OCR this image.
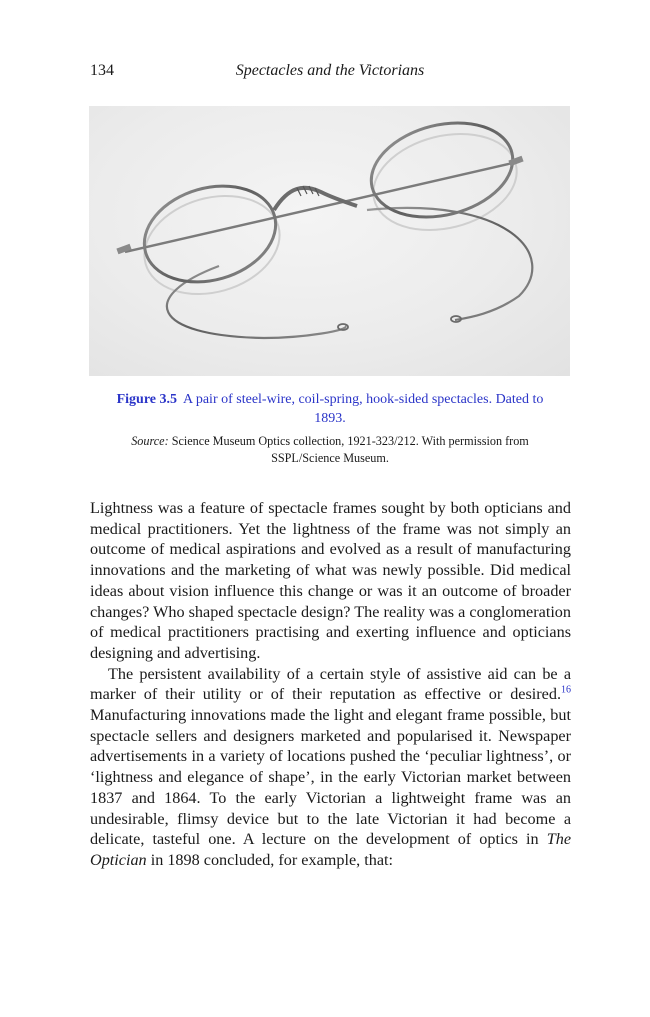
134	Spectacles and the Victorians
Figure 3.5 A pair of steel-wire, coil-spring, hook-sided spectacles. Dated to 1893.
Source: Science Museum Optics collection, 1921-323/212. With permission from SSPL/Science Museum.

Lightness was a feature of spectacle frames sought by both opticians and medical practitioners. Yet the lightness of the frame was not simply an outcome of medical aspirations and evolved as a result of manufacturing innovations and the marketing of what was newly possible. Did medical ideas about vision influence this change or was it an outcome of broader changes? Who shaped spectacle design? The reality was a conglomeration of medical practitioners practising and exerting influence and opticians designing and advertising.

The persistent availability of a certain style of assistive aid can be a marker of their utility or of their reputation as effective or desired.$^{16}$ Manufacturing innovations made the light and elegant frame possible, but spectacle sellers and designers marketed and popularised it. Newspaper advertisements in a variety of locations pushed the ‘peculiar lightness’, or ‘lightness and elegance of shape’, in the early Victorian market between 1837 and 1864. To the early Victorian a lightweight frame was an undesirable, flimsy device but to the late Victorian it had become a delicate, tasteful one. A lecture on the development of optics in The Optician in 1898 concluded, for example, that:
